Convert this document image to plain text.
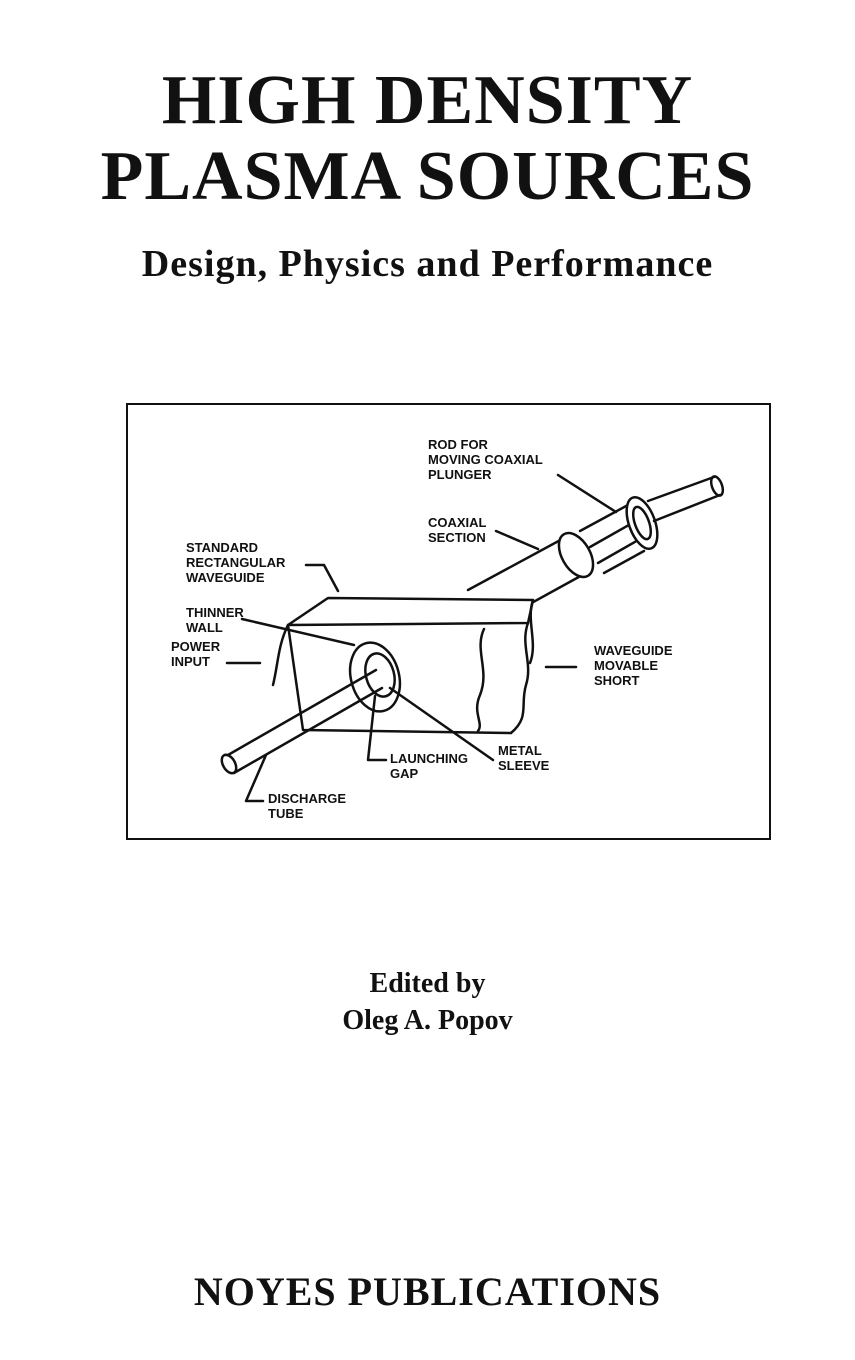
HIGH DENSITY
PLASMA SOURCES
Design, Physics and Performance
ROD FOR
MOVING COAXIAL
PLUNGER
COAXIAL
SECTION
STANDARD
RECTANGULAR
WAVEGUIDE
THINNER
WALL
POWER
INPUT
WAVEGUIDE
MOVABLE
SHORT
LAUNCHING
GAP
METAL
SLEEVE
DISCHARGE
TUBE
Edited by
Oleg A. Popov
NOYES PUBLICATIONS
